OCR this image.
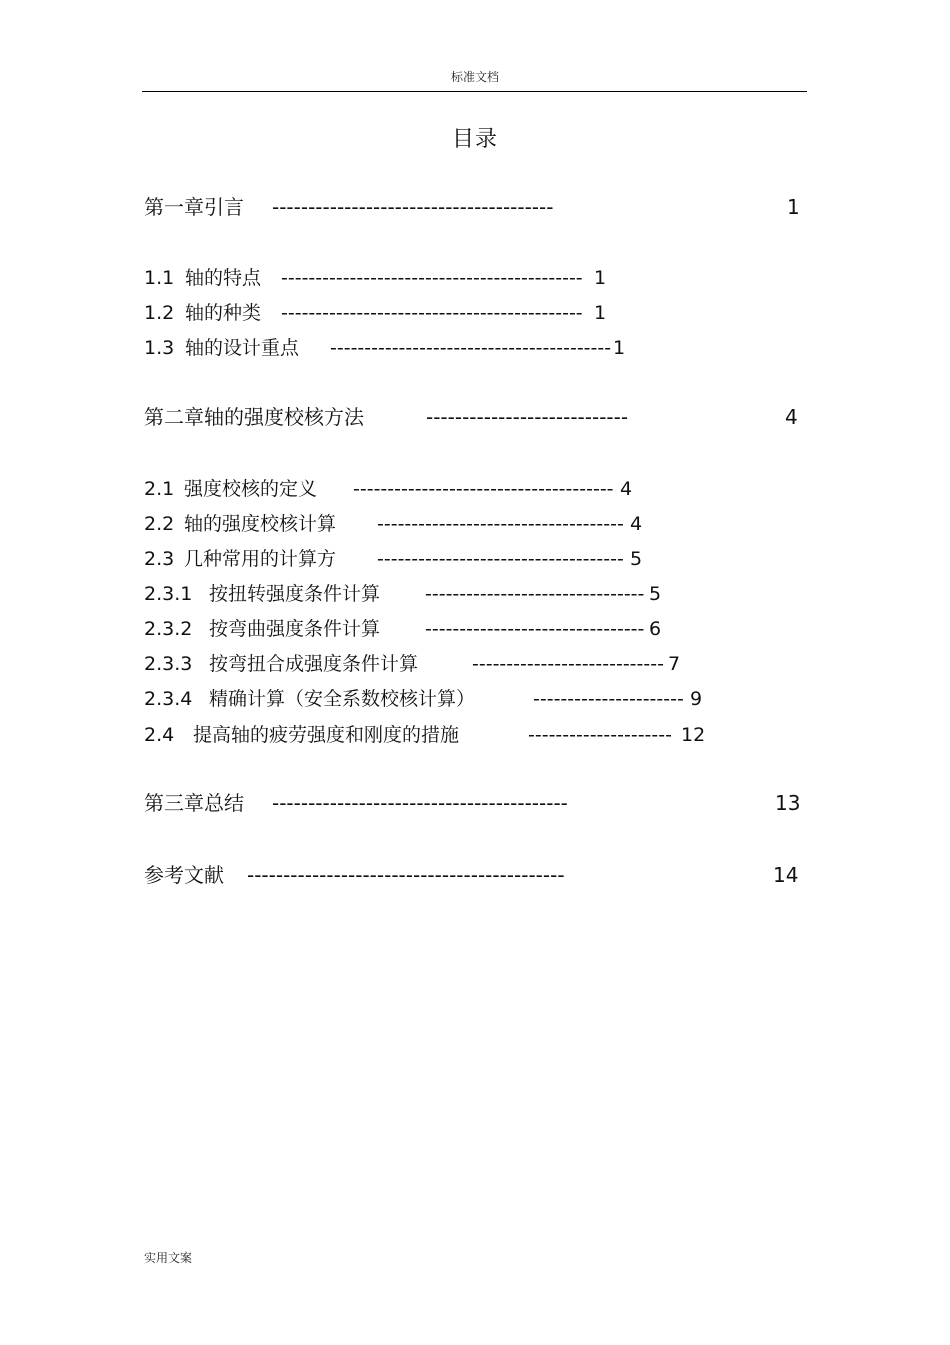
标准文档
目录
第一章引言 ---------------------------------------	1
1.1 轴的特点 -------------------------------------------- 1
1.2 轴的种类 -------------------------------------------- 1
1.3 轴的设计重点 ----------------------------------------- 1
第二章轴的强度校核方法	----------------------------	4
2.1 强度校核的定义 -------------------------------------- 4
2.2 轴的强度校核计算 ------------------------------------ 4
2.3 几种常用的计算方 ------------------------------------ 5
2.3.1 按扭转强度条件计算 -------------------------------- 5
2.3.2 按弯曲强度条件计算 -------------------------------- 6
2.3.3 按弯扭合成强度条件计算	---------------------------- 7
2.3.4 精确计算（安全系数校核计算）	---------------------- 9
2.4 提高轴的疲劳强度和刚度的措施	--------------------- 12
第三章总结 -----------------------------------------	13
参考文献 --------------------------------------------	14
实用文案
